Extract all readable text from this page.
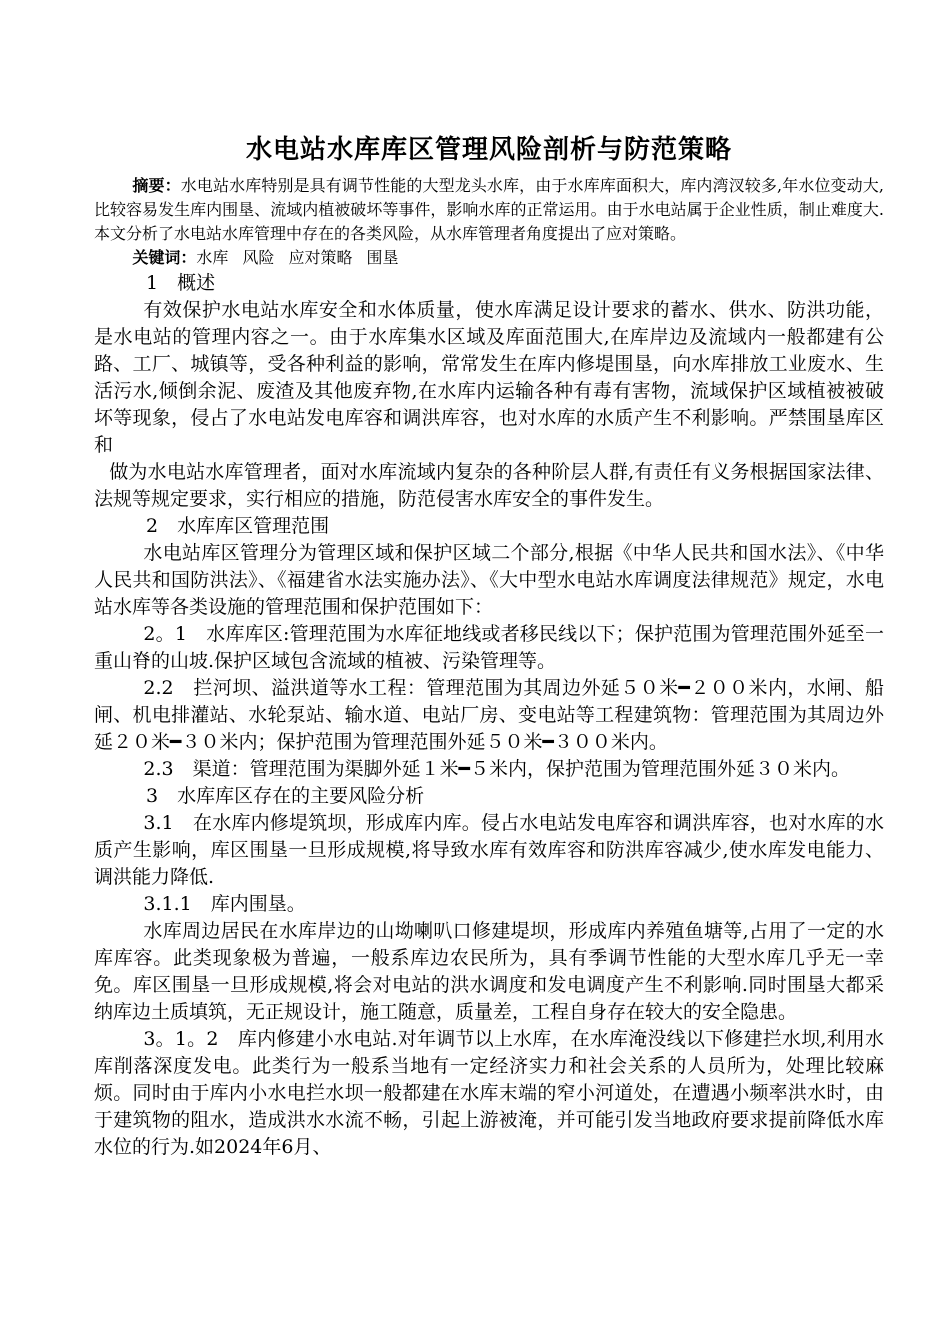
水电站水库库区管理风险剖析与防范策略

摘要：水电站水库特别是具有调节性能的大型龙头水库，由于水库库面积大，库内湾汊较多,年水位变动大,比较容易发生库内围垦、流域内植被破坏等事件，影响水库的正常运用。由于水电站属于企业性质，制止难度大.本文分析了水电站水库管理中存在的各类风险，从水库管理者角度提出了应对策略。

关键词：水库 风险 应对策略 围垦

1　概述

有效保护水电站水库安全和水体质量，使水库满足设计要求的蓄水、供水、防洪功能，是水电站的管理内容之一。由于水库集水区域及库面范围大,在库岸边及流域内一般都建有公路、工厂、城镇等，受各种利益的影响，常常发生在库内修堤围垦，向水库排放工业废水、生活污水,倾倒余泥、废渣及其他废弃物,在水库内运输各种有毒有害物，流域保护区域植被被破坏等现象，侵占了水电站发电库容和调洪库容，也对水库的水质产生不利影响。严禁围垦库区和

做为水电站水库管理者，面对水库流域内复杂的各种阶层人群,有责任有义务根据国家法律、法规等规定要求，实行相应的措施，防范侵害水库安全的事件发生。

2　水库库区管理范围

水电站库区管理分为管理区域和保护区域二个部分,根据《中华人民共和国水法》、《中华人民共和国防洪法》、《福建省水法实施办法》、《大中型水电站水库调度法律规范》规定，水电站水库等各类设施的管理范围和保护范围如下：

2。1　水库库区:管理范围为水库征地线或者移民线以下；保护范围为管理范围外延至一重山脊的山坡.保护区域包含流域的植被、污染管理等。

2.2　拦河坝、溢洪道等水工程：管理范围为其周边外延５０米━２００米内，水闸、船闸、机电排灌站、水轮泵站、输水道、电站厂房、变电站等工程建筑物：管理范围为其周边外延２０米━３０米内；保护范围为管理范围外延５０米━３００米内。

2.3　渠道：管理范围为渠脚外延１米━５米内，保护范围为管理范围外延３０米内。

3　水库库区存在的主要风险分析

3.1　在水库内修堤筑坝，形成库内库。侵占水电站发电库容和调洪库容，也对水库的水质产生影响，库区围垦一旦形成规模,将导致水库有效库容和防洪库容减少,使水库发电能力、调洪能力降低.

3.1.1　库内围垦。

水库周边居民在水库岸边的山坳喇叭口修建堤坝，形成库内养殖鱼塘等,占用了一定的水库库容。此类现象极为普遍，一般系库边农民所为，具有季调节性能的大型水库几乎无一幸免。库区围垦一旦形成规模,将会对电站的洪水调度和发电调度产生不利影响.同时围垦大都采纳库边土质填筑，无正规设计，施工随意，质量差，工程自身存在较大的安全隐患。

3。1。2　库内修建小水电站.对年调节以上水库，在水库淹没线以下修建拦水坝,利用水库削落深度发电。此类行为一般系当地有一定经济实力和社会关系的人员所为，处理比较麻烦。同时由于库内小水电拦水坝一般都建在水库末端的窄小河道处，在遭遇小频率洪水时，由于建筑物的阻水，造成洪水水流不畅，引起上游被淹，并可能引发当地政府要求提前降低水库水位的行为.如2024年6月、
